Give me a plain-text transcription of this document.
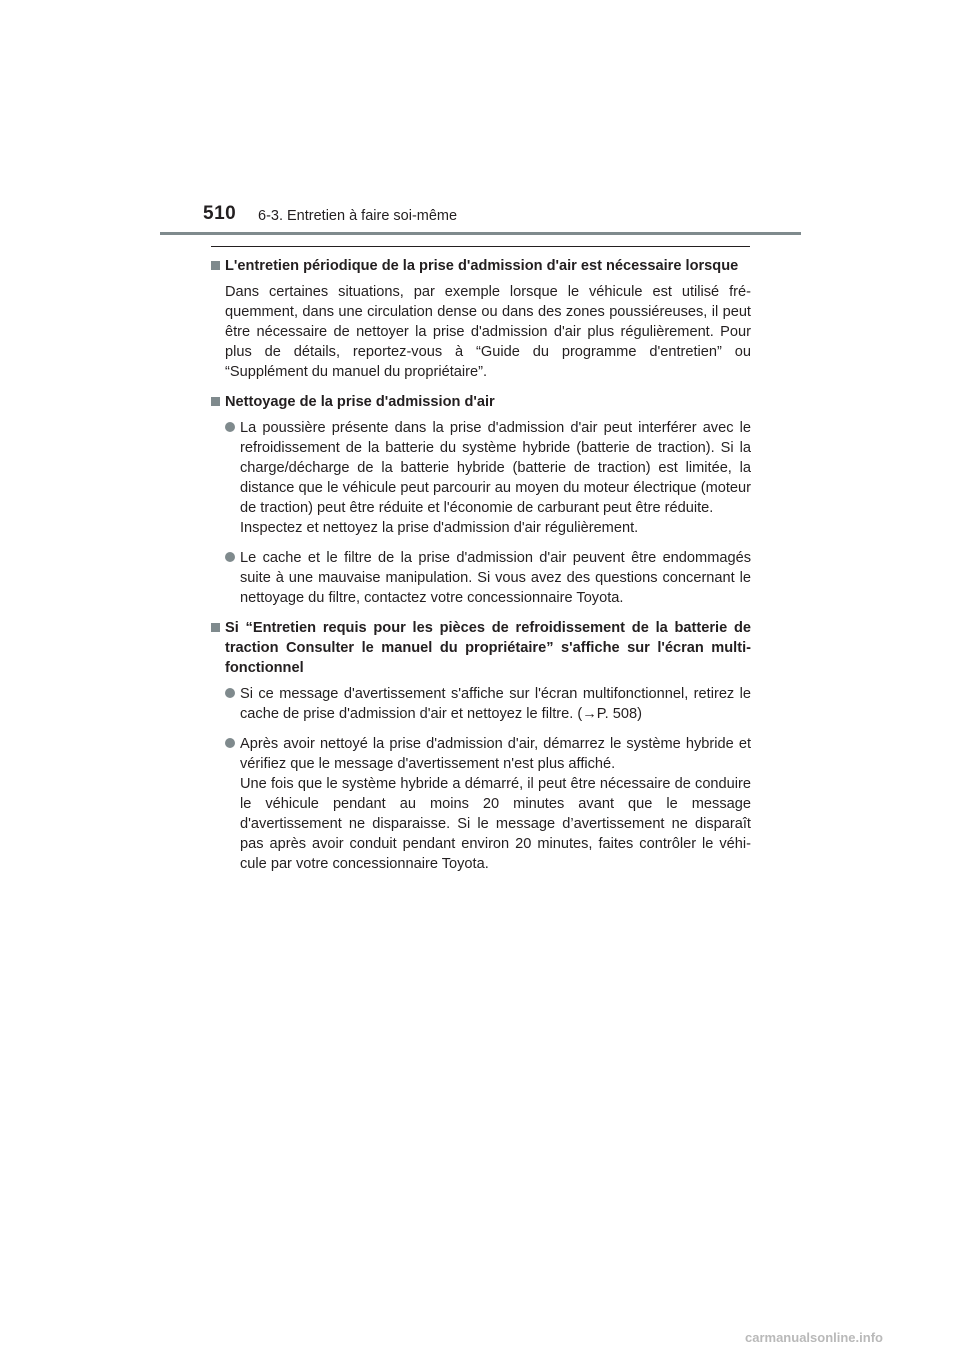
510 6-3. Entretien à faire soi-même
L'entretien périodique de la prise d'admission d'air est nécessaire lorsque
Dans certaines situations, par exemple lorsque le véhicule est utilisé fré-quemment, dans une circulation dense ou dans des zones poussiéreuses, il peut être nécessaire de nettoyer la prise d'admission d'air plus régulièrement. Pour plus de détails, reportez-vous à “Guide du programme d'entretien” ou “Supplément du manuel du propriétaire”.
Nettoyage de la prise d'admission d'air

La poussière présente dans la prise d'admission d'air peut interférer avec le refroidissement de la batterie du système hybride (batterie de traction). Si la charge/décharge de la batterie hybride (batterie de traction) est limitée, la distance que le véhicule peut parcourir au moyen du moteur électrique (moteur de traction) peut être réduite et l'économie de carburant peut être réduite.

Inspectez et nettoyez la prise d'admission d'air régulièrement.

Le cache et le filtre de la prise d'admission d'air peuvent être endommagés suite à une mauvaise manipulation. Si vous avez des questions concernant le nettoyage du filtre, contactez votre concessionnaire Toyota.

Si “Entretien requis pour les pièces de refroidissement de la batterie de traction Consulter le manuel du propriétaire” s'affiche sur l'écran multi-fonctionnel

Si ce message d'avertissement s'affiche sur l'écran multifonctionnel, retirez le cache de prise d'admission d'air et nettoyez le filtre. (→P. 508)

Après avoir nettoyé la prise d'admission d'air, démarrez le système hybride et vérifiez que le message d'avertissement n'est plus affiché.

Une fois que le système hybride a démarré, il peut être nécessaire de conduire le véhicule pendant au moins 20 minutes avant que le message d'avertissement ne disparaisse. Si le message d’avertissement ne disparaît pas après avoir conduit pendant environ 20 minutes, faites contrôler le véhi-cule par votre concessionnaire Toyota.

carmanualsonline.info
